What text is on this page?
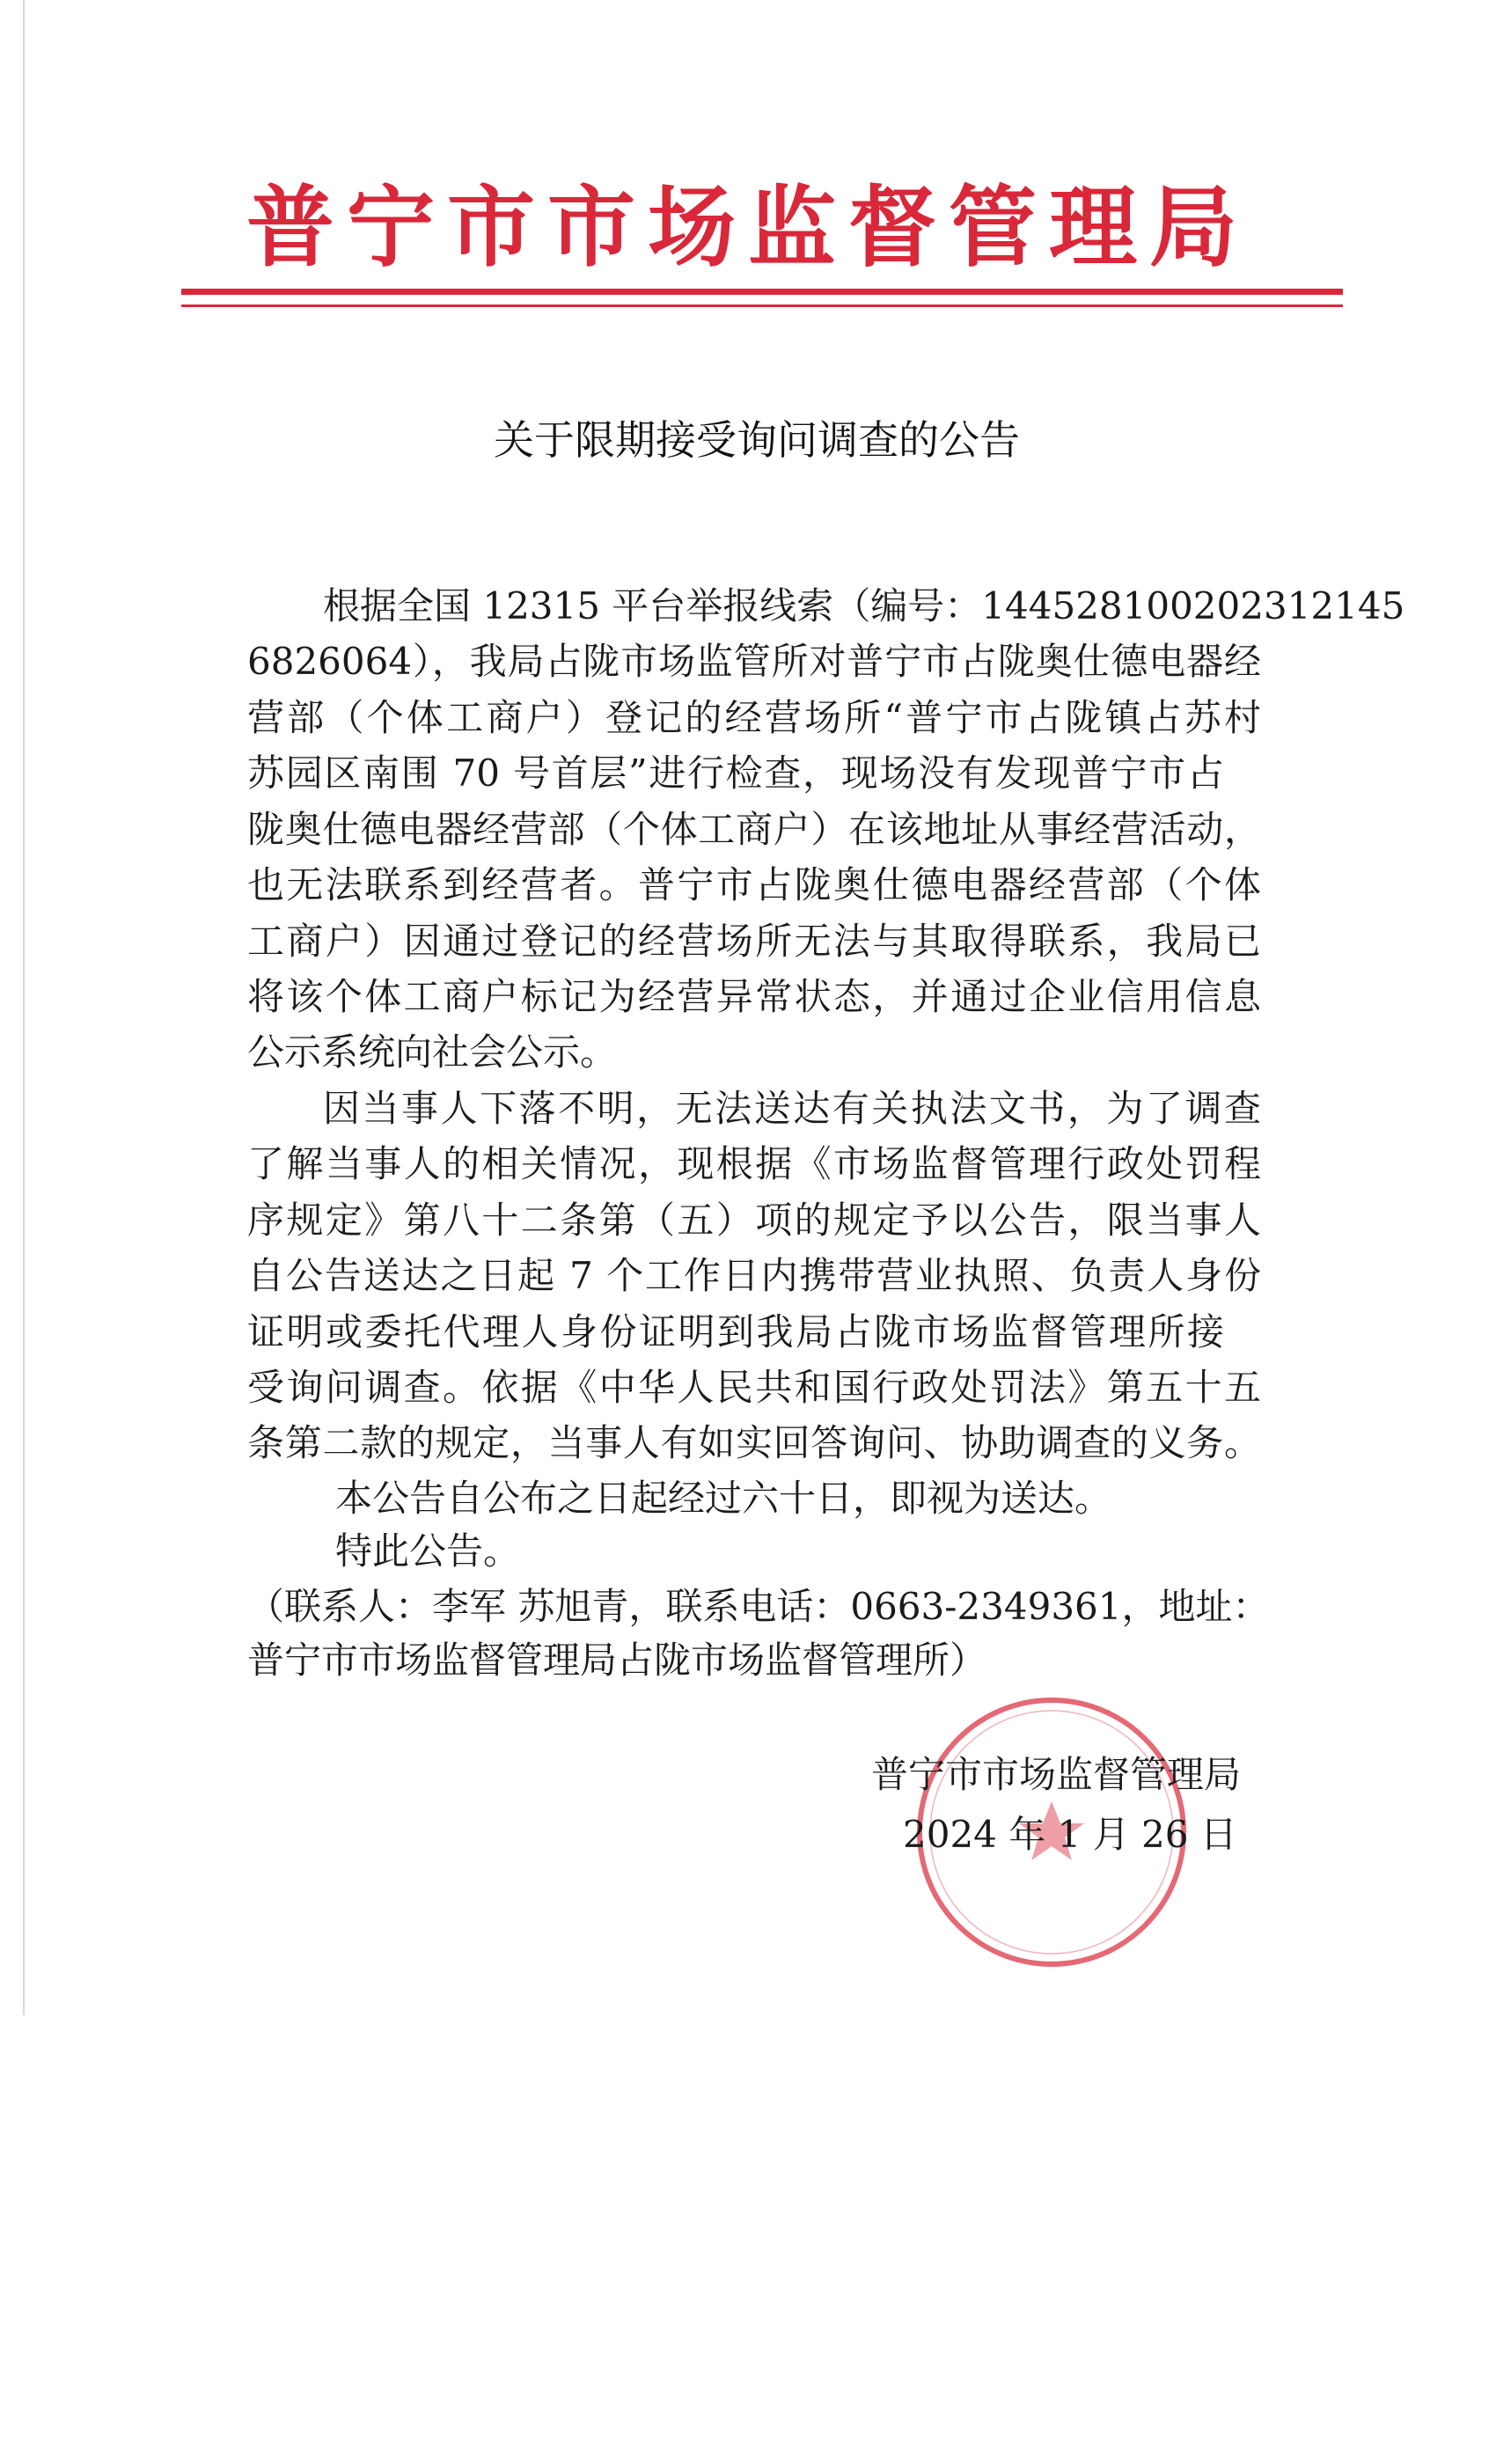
普宁市市场监督管理局
关于限期接受询问调查的公告
根据全国 12315 平台举报线索（编号：144528100202312145
6826064），我局占陇市场监管所对普宁市占陇奥仕德电器经
营部（个体工商户）登记的经营场所“普宁市占陇镇占苏村
苏园区南围 70 号首层”进行检查，现场没有发现普宁市占
陇奥仕德电器经营部（个体工商户）在该地址从事经营活动，
也无法联系到经营者。普宁市占陇奥仕德电器经营部（个体
工商户）因通过登记的经营场所无法与其取得联系，我局已
将该个体工商户标记为经营异常状态，并通过企业信用信息
公示系统向社会公示。
因当事人下落不明，无法送达有关执法文书，为了调查
了解当事人的相关情况，现根据《市场监督管理行政处罚程
序规定》第八十二条第（五）项的规定予以公告，限当事人
自公告送达之日起 7 个工作日内携带营业执照、负责人身份
证明或委托代理人身份证明到我局占陇市场监督管理所接
受询问调查。依据《中华人民共和国行政处罚法》第五十五
条第二款的规定，当事人有如实回答询问、协助调查的义务。
本公告自公布之日起经过六十日，即视为送达。
特此公告。
（联系人：李军 苏旭青，联系电话：0663-2349361，地址：
普宁市市场监督管理局占陇市场监督管理所）
普宁市市场监督管理局
2024 年 1 月 26 日
